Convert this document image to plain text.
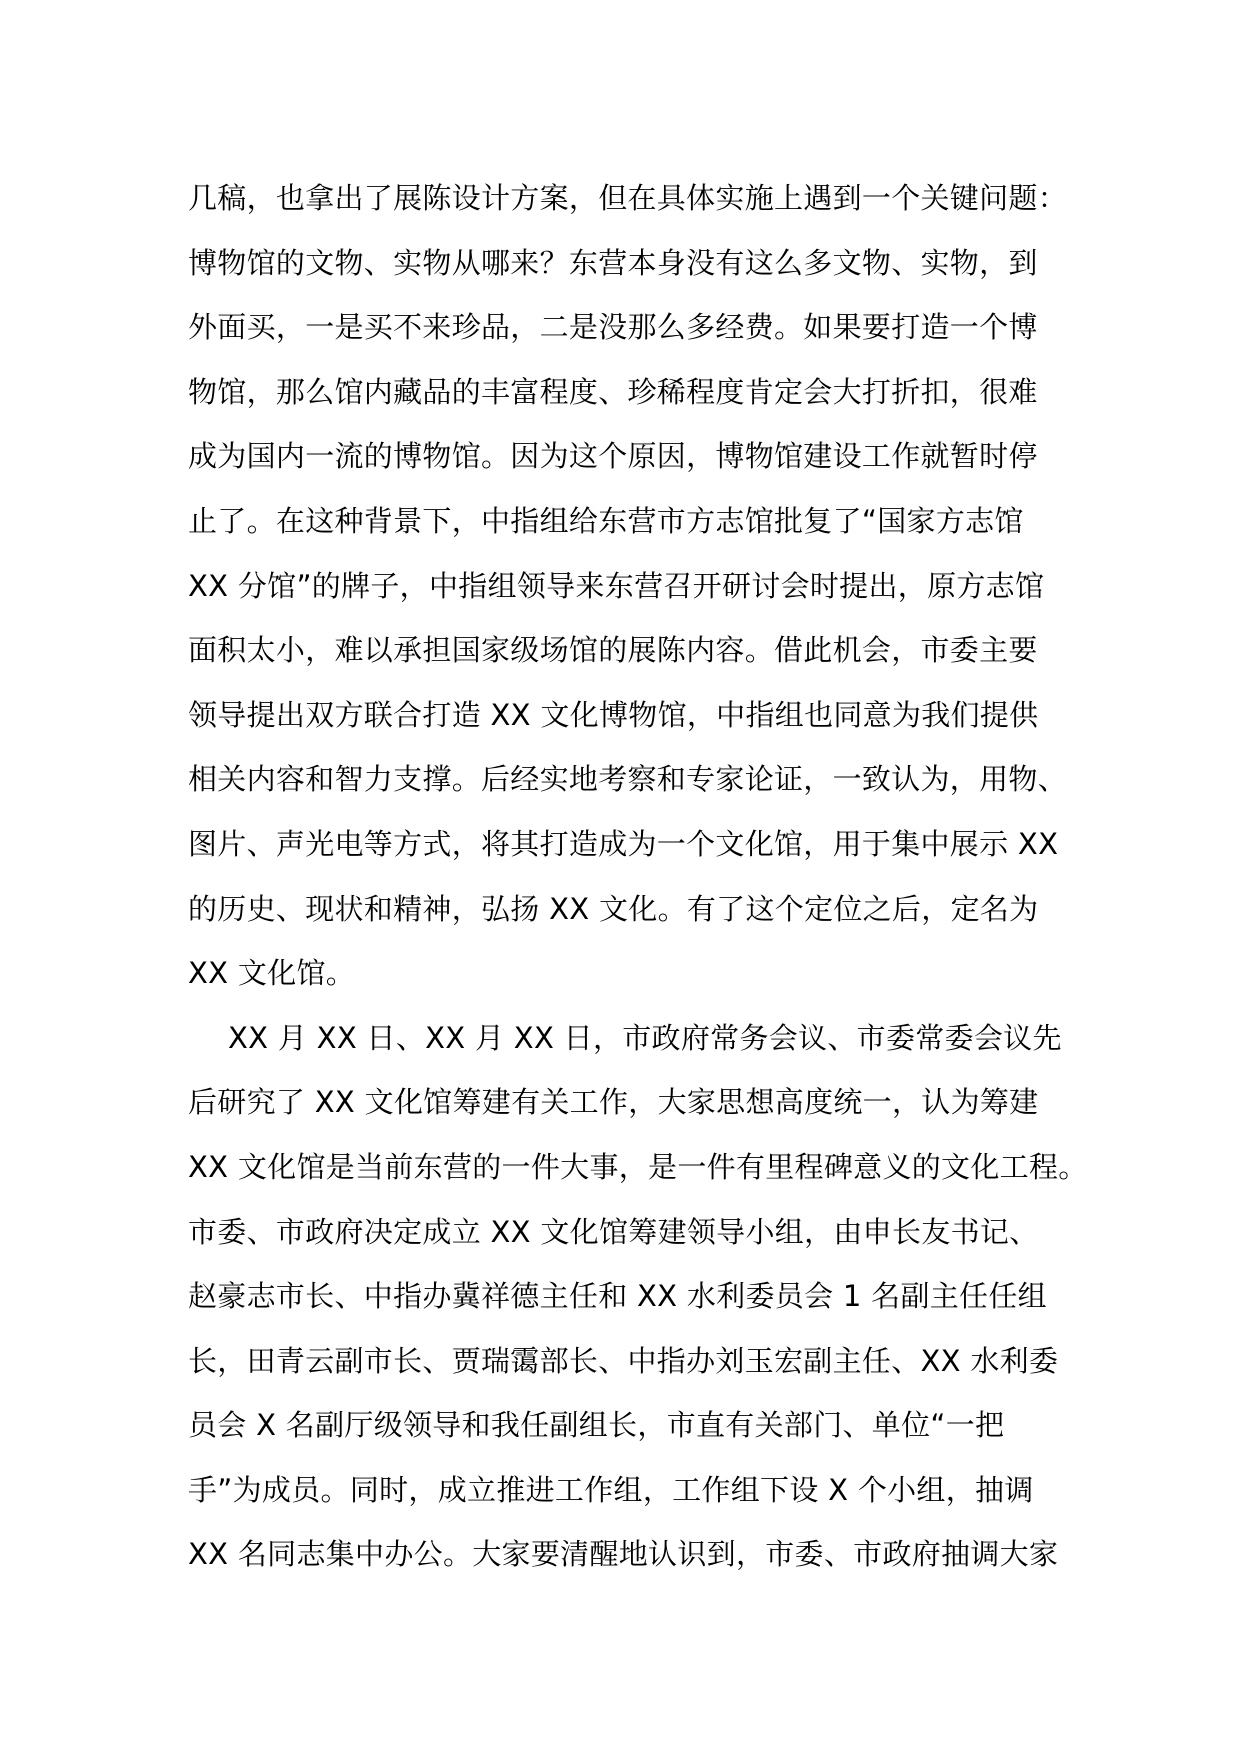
几稿，也拿出了展陈设计方案，但在具体实施上遇到一个关键问题：
博物馆的文物、实物从哪来？东营本身没有这么多文物、实物，到
外面买，一是买不来珍品，二是没那么多经费。如果要打造一个博
物馆，那么馆内藏品的丰富程度、珍稀程度肯定会大打折扣，很难
成为国内一流的博物馆。因为这个原因，博物馆建设工作就暂时停
止了。在这种背景下，中指组给东营市方志馆批复了“国家方志馆
XX 分馆”的牌子，中指组领导来东营召开研讨会时提出，原方志馆
面积太小，难以承担国家级场馆的展陈内容。借此机会，市委主要
领导提出双方联合打造 XX 文化博物馆，中指组也同意为我们提供
相关内容和智力支撑。后经实地考察和专家论证，一致认为，用物、
图片、声光电等方式，将其打造成为一个文化馆，用于集中展示 XX
的历史、现状和精神，弘扬 XX 文化。有了这个定位之后，定名为
XX 文化馆。
XX 月 XX 日、XX 月 XX 日，市政府常务会议、市委常委会议先
后研究了 XX 文化馆筹建有关工作，大家思想高度统一，认为筹建
XX 文化馆是当前东营的一件大事，是一件有里程碑意义的文化工程。
市委、市政府决定成立 XX 文化馆筹建领导小组，由申长友书记、
赵豪志市长、中指办冀祥德主任和 XX 水利委员会 1 名副主任任组
长，田青云副市长、贾瑞霭部长、中指办刘玉宏副主任、XX 水利委
员会 X 名副厅级领导和我任副组长，市直有关部门、单位“一把
手”为成员。同时，成立推进工作组，工作组下设 X 个小组，抽调
XX 名同志集中办公。大家要清醒地认识到，市委、市政府抽调大家
